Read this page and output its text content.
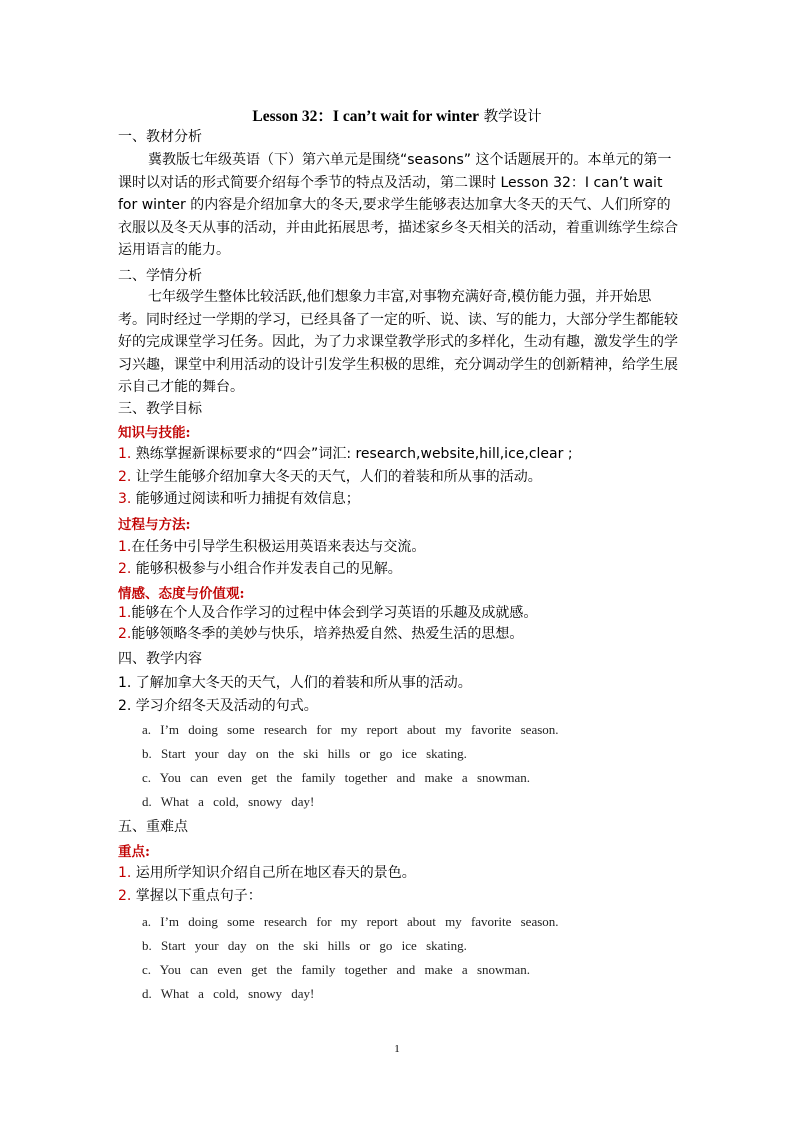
Lesson 32：I can’t wait for winter 教学设计
一、教材分析
冀教版七年级英语（下）第六单元是围绕“seasons” 这个话题展开的。本单元的第一课时以对话的形式简要介绍每个季节的特点及活动，第二课时 Lesson 32：I can’t wait for winter 的内容是介绍加拿大的冬天,要求学生能够表达加拿大冬天的天气、人们所穿的衣服以及冬天从事的活动，并由此拓展思考，描述家乡冬天相关的活动，着重训练学生综合运用语言的能力。
二、学情分析
七年级学生整体比较活跃,他们想象力丰富,对事物充满好奇,模仿能力强，并开始思考。同时经过一学期的学习，已经具备了一定的听、说、读、写的能力，大部分学生都能较好的完成课堂学习任务。因此，为了力求课堂教学形式的多样化，生动有趣，激发学生的学习兴趣，课堂中利用活动的设计引发学生积极的思维，充分调动学生的创新精神，给学生展示自己才能的舞台。
三、教学目标
知识与技能:
1. 熟练掌握新课标要求的“四会”词汇: research,website,hill,ice,clear ;
2. 让学生能够介绍加拿大冬天的天气，人们的着装和所从事的活动。
3. 能够通过阅读和听力捕捉有效信息；
过程与方法:
1.在任务中引导学生积极运用英语来表达与交流。
2. 能够积极参与小组合作并发表自己的见解。
情感、态度与价值观:
1.能够在个人及合作学习的过程中体会到学习英语的乐趣及成就感。
2.能够领略冬季的美妙与快乐，培养热爱自然、热爱生活的思想。
四、教学内容
1. 了解加拿大冬天的天气，人们的着装和所从事的活动。
2. 学习介绍冬天及活动的句式。
a. I’m doing some research for my report about my favorite season.
b. Start your day on the ski hills or go ice skating.
c. You can even get the family together and make a snowman.
d. What a cold, snowy day!
五、重难点
重点:
1. 运用所学知识介绍自己所在地区春天的景色。
2. 掌握以下重点句子：
a. I’m doing some research for my report about my favorite season.
b. Start your day on the ski hills or go ice skating.
c. You can even get the family together and make a snowman.
d. What a cold, snowy day!
1
